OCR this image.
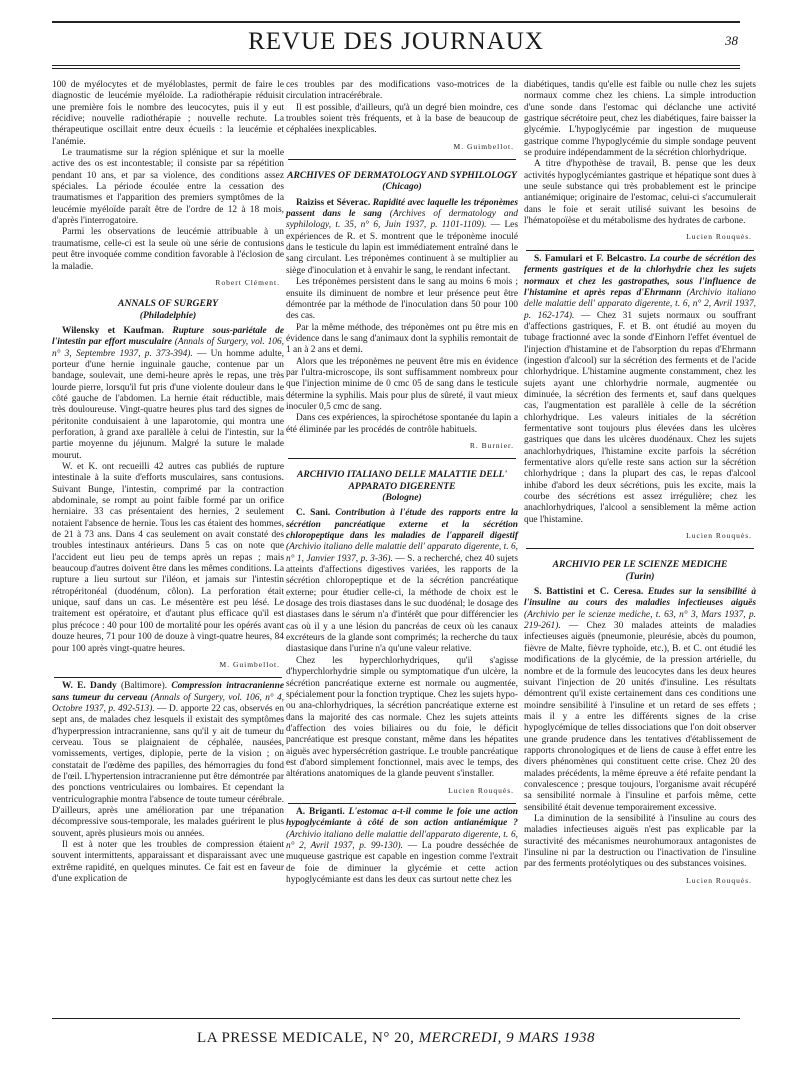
REVUE DES JOURNAUX	38

100 de myélocytes et de myéloblastes, permit de faire le diagnostic de leucémie myéloïde. La radiothérapie réduisit une première fois le nombre des leucocytes, puis il y eut récidive; nouvelle radiothérapie ; nouvelle rechute. La thérapeutique oscillait entre deux écueils : la leucémie et l'anémie.

Le traumatisme sur la région splénique et sur la moelle active des os est incontestable; il consiste par sa répétition pendant 10 ans, et par sa violence, des conditions assez spéciales. La période écoulée entre la cessation des traumatismes et l'apparition des premiers symptômes de la leucémie myéloïde paraît être de l'ordre de 12 à 18 mois, d'après l'interrogatoire.

Parmi les observations de leucémie attribuable à un traumatisme, celle-ci est la seule où une série de contusions peut être invoquée comme condition favorable à l'éclosion de la maladie.

Robert Clément.
ANNALS OF SURGERY
(Philadelphie)

Wilensky et Kaufman. Rupture sous-pariétale de l'intestin par effort musculaire (Annals of Surgery, vol. 106, n° 3, Septembre 1937, p. 373-394). — Un homme adulte, porteur d'une hernie inguinale gauche, contenue par un bandage, soulevait, une demi-heure après le repas, une très lourde pierre, lorsqu'il fut pris d'une violente douleur dans le côté gauche de l'abdomen. La hernie était réductible, mais très douloureuse. Vingt-quatre heures plus tard des signes de péritonite conduisaient à une laparotomie, qui montra une perforation, à grand axe parallèle à celui de l'intestin, sur la partie moyenne du jéjunum. Malgré la suture le malade mourut.

W. et K. ont recueilli 42 autres cas publiés de rupture intestinale à la suite d'efforts musculaires, sans contusions. Suivant Bunge, l'intestin, comprimé par la contraction abdominale, se rompt au point faible formé par un orifice herniaire. 33 cas présentaient des hernies, 2 seulement notaient l'absence de hernie. Tous les cas étaient des hommes, de 21 à 73 ans. Dans 4 cas seulement on avait constaté des troubles intestinaux antérieurs. Dans 5 cas on note que l'accident eut lieu peu de temps après un repas ; mais beaucoup d'autres doivent être dans les mêmes conditions. La rupture a lieu surtout sur l'iléon, et jamais sur l'intestin rétropéritonéal (duodénum, côlon). La perforation était unique, sauf dans un cas. Le mésentère est peu lésé. Le traitement est opératoire, et d'autant plus efficace qu'il est plus précoce : 40 pour 100 de mortalité pour les opérés avant douze heures, 71 pour 100 de douze à vingt-quatre heures, 84 pour 100 après vingt-quatre heures.

M. Guimbellot.

W. E. Dandy (Baltimore). Compression intracranienne sans tumeur du cerveau (Annals of Surgery, vol. 106, n° 4, Octobre 1937, p. 492-513). — D. apporte 22 cas, observés en sept ans, de malades chez lesquels il existait des symptômes d'hyperpression intracranienne, sans qu'il y ait de tumeur du cerveau. Tous se plaignaient de céphalée, nausées, vomissements, vertiges, diplopie, perte de la vision ; on constatait de l'œdème des papilles, des hémorragies du fond de l'œil. L'hypertension intracranienne put être démontrée par des ponctions ventriculaires ou lombaires. Et cependant la ventriculographie montra l'absence de toute tumeur cérébrale. D'ailleurs, après une amélioration par une trépanation décompressive sous-temporale, les malades guérirent le plus souvent, après plusieurs mois ou années.

Il est à noter que les troubles de compression étaient souvent intermittents, apparaissant et disparaissant avec une extrême rapidité, en quelques minutes. Ce fait est en faveur d'une explication de

ces troubles par des modifications vaso-motrices de la circulation intracérébrale.

Il est possible, d'ailleurs, qu'à un degré bien moindre, ces troubles soient très fréquents, et à la base de beaucoup de céphalées inexplicables.

M. Guimbellot.
ARCHIVES OF DERMATOLOGY AND SYPHILOLOGY
(Chicago)

Raiziss et Séverac. Rapidité avec laquelle les tréponèmes passent dans le sang (Archives of dermatology and syphilology, t. 35, n° 6, Juin 1937, p. 1101-1109). — Les expériences de R. et S. montrent que le tréponème inoculé dans le testicule du lapin est immédiatement entraîné dans le sang circulant. Les tréponèmes continuent à se multiplier au siège d'inoculation et à envahir le sang, le rendant infectant.

Les tréponèmes persistent dans le sang au moins 6 mois ; ensuite ils diminuent de nombre et leur présence peut être démontrée par la méthode de l'inoculation dans 50 pour 100 des cas.

Par la même méthode, des tréponèmes ont pu être mis en évidence dans le sang d'animaux dont la syphilis remontait de 1 an à 2 ans et demi.

Alors que les tréponèmes ne peuvent être mis en évidence par l'ultra-microscope, ils sont suffisamment nombreux pour que l'injection minime de 0 cmc 05 de sang dans le testicule détermine la syphilis. Mais pour plus de sûreté, il vaut mieux inoculer 0,5 cmc de sang.

Dans ces expériences, la spirochétose spontanée du lapin a été éliminée par les procédés de contrôle habituels.

R. Burnier.
ARCHIVIO ITALIANO DELLE MALATTIE DELL' APPARATO DIGERENTE
(Bologne)

C. Sani. Contribution à l'étude des rapports entre la sécrétion pancréatique externe et la sécrétion chloropeptique dans les maladies de l'appareil digestif (Archivio italiano delle malattie dell' apparato digerente, t. 6, n° 1, Janvier 1937, p. 3-36). — S. a recherché, chez 40 sujets atteints d'affections digestives variées, les rapports de la sécrétion chloropeptique et de la sécrétion pancréatique externe; pour étudier celle-ci, la méthode de choix est le dosage des trois diastases dans le suc duodénal; le dosage des diastases dans le sérum n'a d'intérêt que pour différencier les cas où il y a une lésion du pancréas de ceux où les canaux excréteurs de la glande sont comprimés; la recherche du taux diastasique dans l'urine n'a qu'une valeur relative.

Chez les hyperchlorhydriques, qu'il s'agisse d'hyperchlorhydrie simple ou symptomatique d'un ulcère, la sécrétion pancréatique externe est normale ou augmentée, spécialement pour la fonction tryptique. Chez les sujets hypo- ou ana-chlorhydriques, la sécrétion pancréatique externe est dans la majorité des cas normale. Chez les sujets atteints d'affection des voies biliaires ou du foie, le déficit pancréatique est presque constant, même dans les hépatites aiguës avec hypersécrétion gastrique. Le trouble pancréatique est d'abord simplement fonctionnel, mais avec le temps, des altérations anatomiques de la glande peuvent s'installer.

Lucien Rouquès.

A. Briganti. L'estomac a-t-il comme le foie une action hypoglycémiante à côté de son action antianémique ? (Archivio italiano delle malattie dell'apparato digerente, t. 6, n° 2, Avril 1937, p. 99-130). — La poudre desséchée de muqueuse gastrique est capable en ingestion comme l'extrait de foie de diminuer la glycémie et cette action hypoglycémiante est dans les deux cas surtout nette chez les

diabétiques, tandis qu'elle est faible ou nulle chez les sujets normaux comme chez les chiens. La simple introduction d'une sonde dans l'estomac qui déclanche une activité gastrique sécrétoire peut, chez les diabétiques, faire baisser la glycémie. L'hypoglycémie par ingestion de muqueuse gastrique comme l'hypoglycémie du simple sondage peuvent se produire indépendamment de la sécrétion chlorhydrique.

A titre d'hypothèse de travail, B. pense que les deux activités hypoglycémiantes gastrique et hépatique sont dues à une seule substance qui très probablement est le principe antianémique; originaire de l'estomac, celui-ci s'accumulerait dans le foie et serait utilisé suivant les besoins de l'hématopoïèse et du métabolisme des hydrates de carbone.

Lucien Rouquès.

S. Famulari et F. Belcastro. La courbe de sécrétion des ferments gastriques et de la chlorhydrie chez les sujets normaux et chez les gastropathes, sous l'influence de l'histamine et après repas d'Ehrmann (Archivio italiano delle malattie dell' apparato digerente, t. 6, n° 2, Avril 1937, p. 162-174). — Chez 31 sujets normaux ou souffrant d'affections gastriques, F. et B. ont étudié au moyen du tubage fractionné avec la sonde d'Einhorn l'effet éventuel de l'injection d'histamine et de l'absorption du repas d'Ehrmann (ingestion d'alcool) sur la sécrétion des ferments et de l'acide chlorhydrique. L'histamine augmente constamment, chez les sujets ayant une chlorhydrie normale, augmentée ou diminuée, la sécrétion des ferments et, sauf dans quelques cas, l'augmentation est parallèle à celle de la sécrétion chlorhydrique. Les valeurs initiales de la sécrétion fermentative sont toujours plus élevées dans les ulcères gastriques que dans les ulcères duodénaux. Chez les sujets anachlorhydriques, l'histamine excite parfois la sécrétion fermentative alors qu'elle reste sans action sur la sécrétion chlorhydrique ; dans la plupart des cas, le repas d'alcool inhibe d'abord les deux sécrétions, puis les excite, mais la courbe des sécrétions est assez irrégulière; chez les anachlorhydriques, l'alcool a sensiblement la même action que l'histamine.

Lucien Rouquès.
ARCHIVIO PER LE SCIENZE MEDICHE
(Turin)

S. Battistini et C. Ceresa. Etudes sur la sensibilité à l'insuline au cours des maladies infectieuses aiguës (Archivio per le scienze mediche, t. 63, n° 3, Mars 1937, p. 219-261). — Chez 30 malades atteints de maladies infectieuses aiguës (pneumonie, pleurésie, abcès du poumon, fièvre de Malte, fièvre typhoïde, etc.), B. et C. ont étudié les modifications de la glycémie, de la pression artérielle, du nombre et de la formule des leucocytes dans les deux heures suivant l'injection de 20 unités d'insuline. Les résultats démontrent qu'il existe certainement dans ces conditions une moindre sensibilité à l'insuline et un retard de ses effets ; mais il y a entre les différents signes de la crise hypoglycémique de telles dissociations que l'on doit observer une grande prudence dans les tentatives d'établissement de rapports chronologiques et de liens de cause à effet entre les divers phénomènes qui constituent cette crise. Chez 20 des malades précédents, la même épreuve a été refaite pendant la convalescence ; presque toujours, l'organisme avait récupéré sa sensibilité normale à l'insuline et parfois même, cette sensibilité était devenue temporairement excessive.

La diminution de la sensibilité à l'insuline au cours des maladies infectieuses aiguës n'est pas explicable par la suractivité des mécanismes neurohumoraux antagonistes de l'insuline ni par la destruction ou l'inactivation de l'insuline par des ferments protéolytiques ou des substances voisines.

Lucien Rouquès.
LA PRESSE MEDICALE, N° 20, MERCREDI, 9 MARS 1938
